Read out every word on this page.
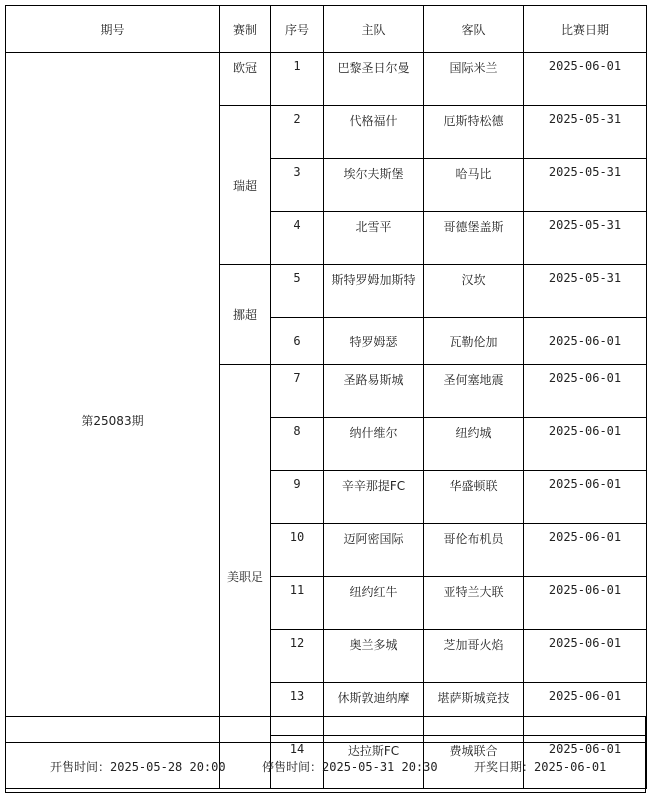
期号	赛制	序号	主队	客队	比赛日期
第25083期	欧冠	1	巴黎圣日尔曼	国际米兰	2025-06-01
	瑞超	2	代格福什	厄斯特松德	2025-05-31
		3	埃尔夫斯堡	哈马比	2025-05-31
		4	北雪平	哥德堡盖斯	2025-05-31
	挪超	5	斯特罗姆加斯特	汉坎	2025-05-31
		6	特罗姆瑟	瓦勒伦加	2025-06-01
	美职足	7	圣路易斯城	圣何塞地震	2025-06-01
		8	纳什维尔	纽约城	2025-06-01
		9	辛辛那提FC	华盛顿联	2025-06-01
		10	迈阿密国际	哥伦布机员	2025-06-01
		11	纽约红牛	亚特兰大联	2025-06-01
		12	奥兰多城	芝加哥火焰	2025-06-01
		13	休斯敦迪纳摩	堪萨斯城竞技	2025-06-01
		14	达拉斯FC	费城联合	2025-06-01
开售时间：2025-05-28 20:00	停售时间：2025-05-31 20:30	开奖日期：2025-06-01
